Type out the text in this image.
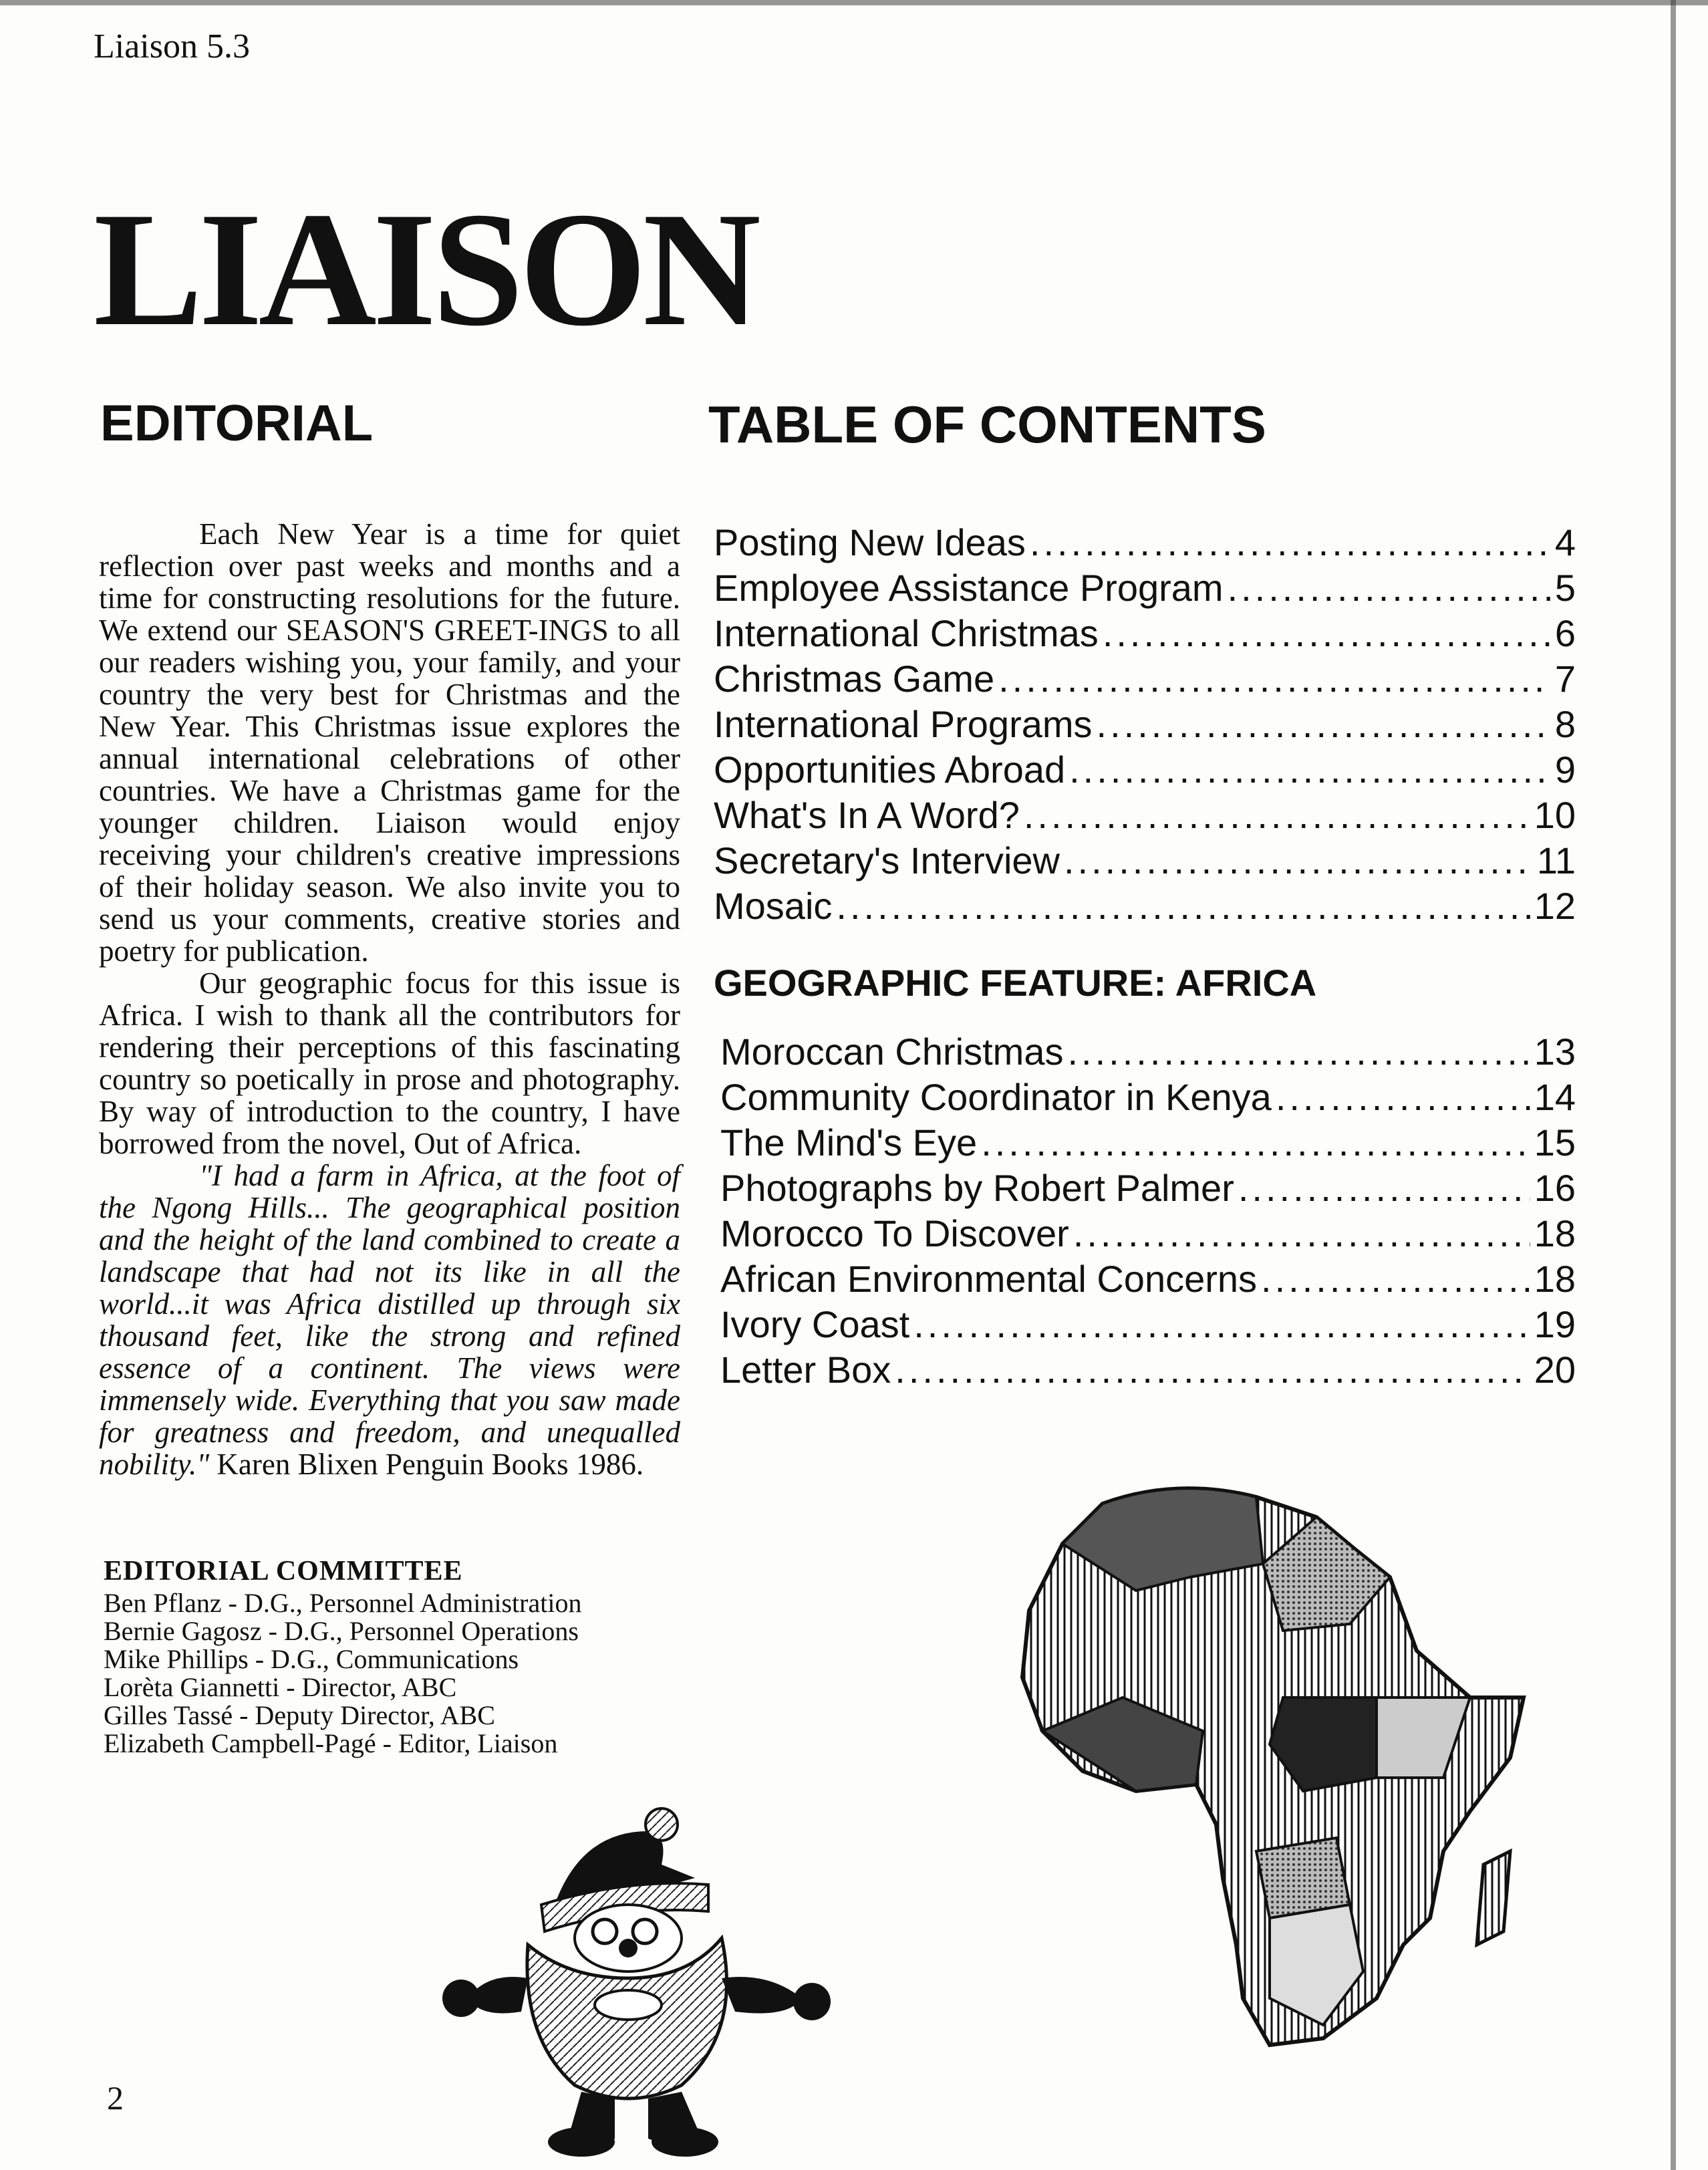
Liaison 5.3
LIAISON
EDITORIAL	TABLE OF CONTENTS

Each New Year is a time for quiet reflection over past weeks and months and a time for constructing resolutions for the future. We extend our SEASON'S GREET-INGS to all our readers wishing you, your family, and your country the very best for Christmas and the New Year. This Christmas issue explores the annual international celebrations of other countries. We have a Christmas game for the younger children. Liaison would enjoy receiving your children's creative impressions of their holiday season. We also invite you to send us your comments, creative stories and poetry for publication.

Our geographic focus for this issue is Africa. I wish to thank all the contributors for rendering their perceptions of this fascinating country so poetically in prose and photography. By way of introduction to the country, I have borrowed from the novel, Out of Africa.

"I had a farm in Africa, at the foot of the Ngong Hills... The geographical position and the height of the land combined to create a landscape that had not its like in all the world...it was Africa distilled up through six thousand feet, like the strong and refined essence of a continent. The views were immensely wide. Everything that you saw made for greatness and freedom, and unequalled nobility." Karen Blixen Penguin Books 1986.

EDITORIAL COMMITTEE
Ben Pflanz - D.G., Personnel Administration
Bernie Gagosz - D.G., Personnel Operations
Mike Phillips - D.G., Communications
Lorèta Giannetti - Director, ABC
Gilles Tassé - Deputy Director, ABC
Elizabeth Campbell-Pagé - Editor, Liaison
Posting New Ideas .....	4
Employee Assistance Program .....	5
International Christmas .....	6
Christmas Game .....	7
International Programs .....	8
Opportunities Abroad .....	9
What's In A Word? .....	10
Secretary's Interview .....	11
Mosaic .....	12
GEOGRAPHIC FEATURE: AFRICA
Moroccan Christmas .....	13
Community Coordinator in Kenya .....	14
The Mind's Eye .....	15
Photographs by Robert Palmer .....	16
Morocco To Discover .....	18
African Environmental Concerns .....	18
Ivory Coast .....	19
Letter Box .....	20
2
